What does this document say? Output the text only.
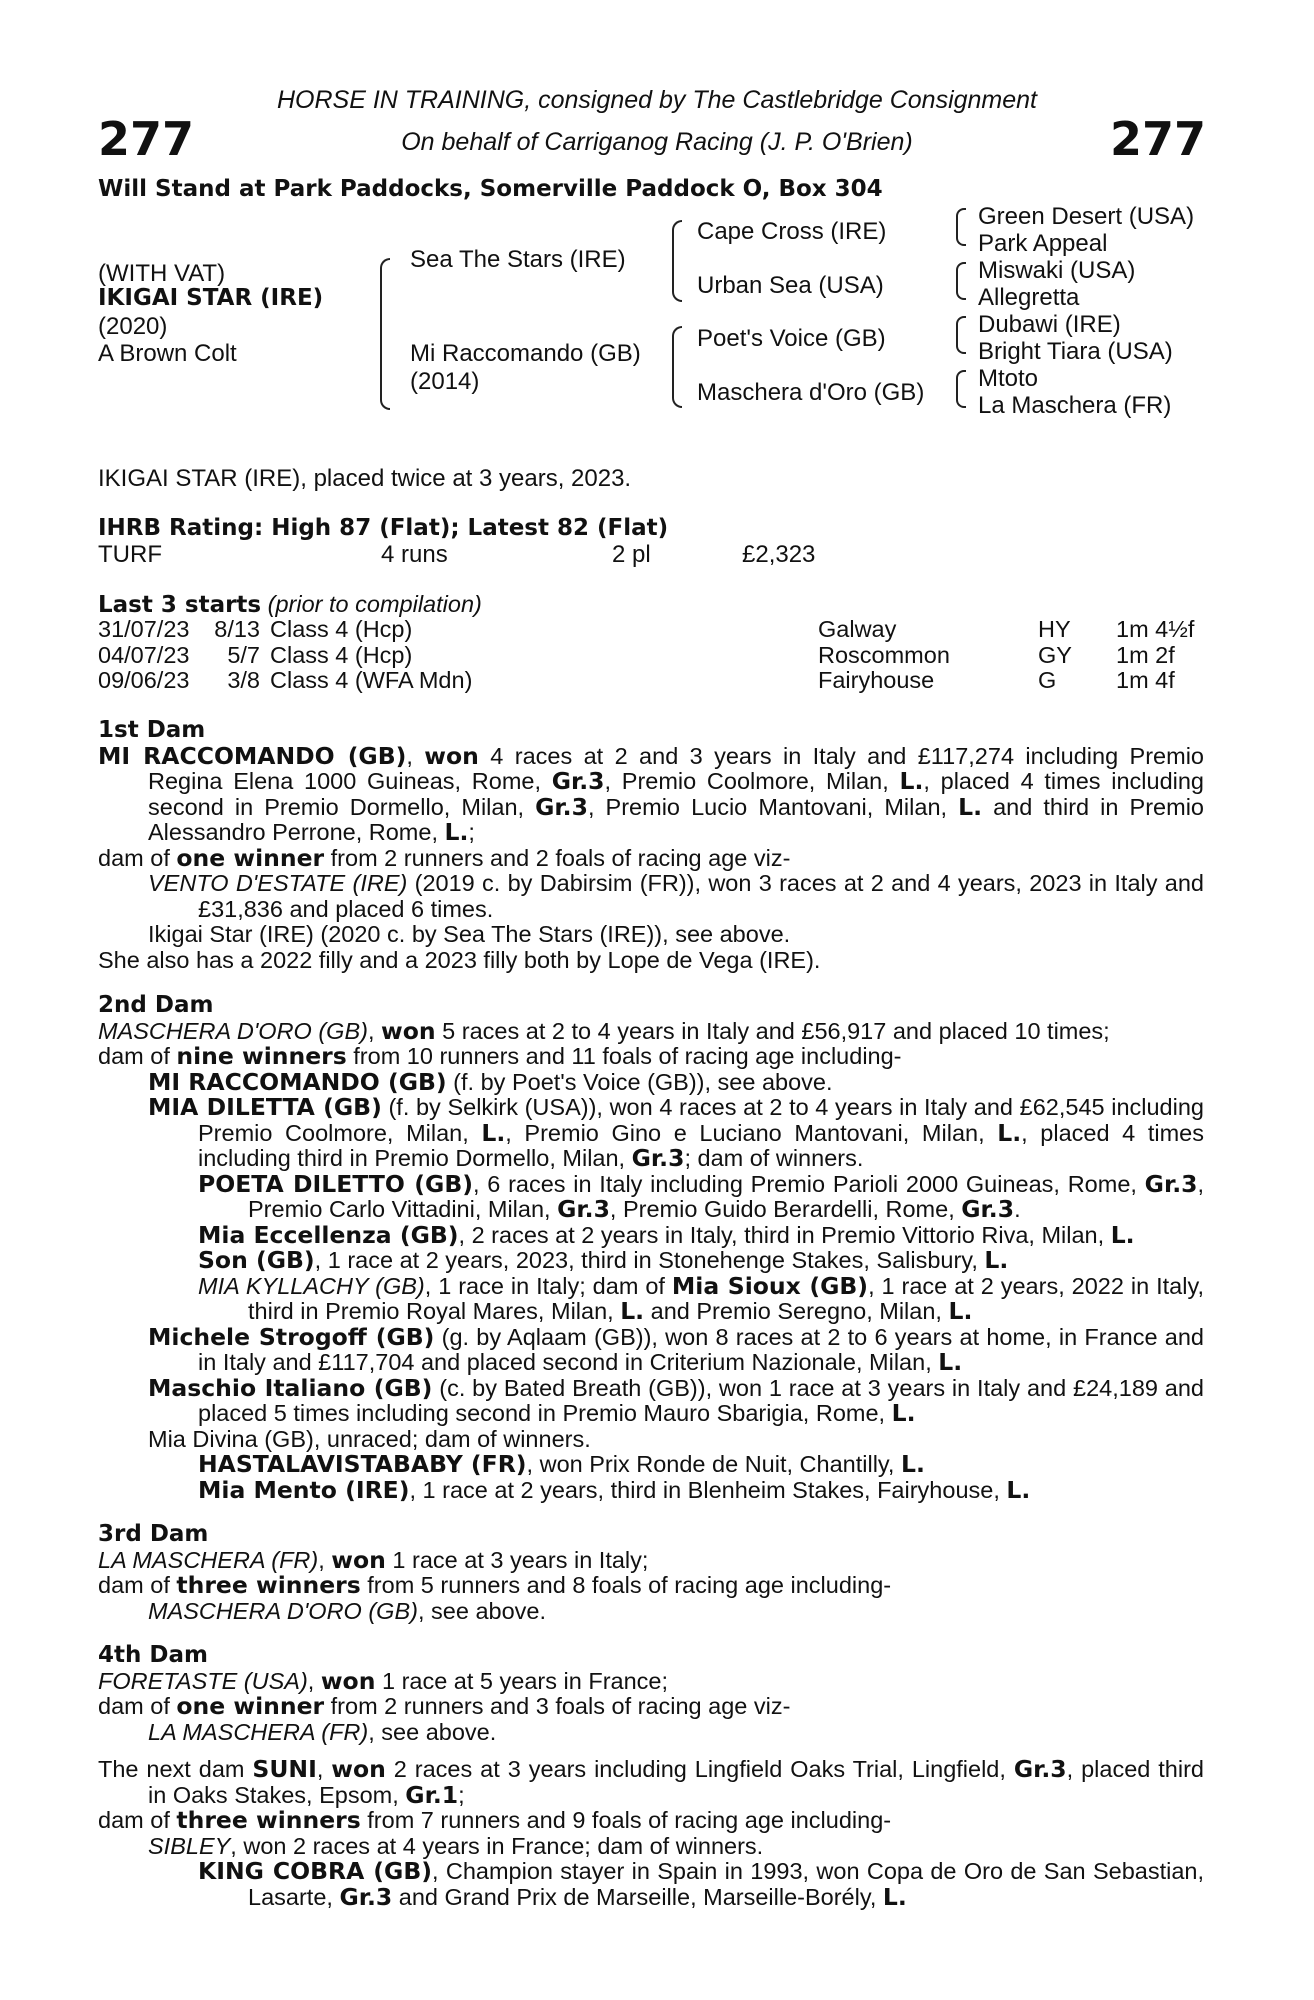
277	277
HORSE IN TRAINING, consigned by The Castlebridge Consignment
On behalf of Carriganog Racing (J. P. O'Brien)
Will Stand at Park Paddocks, Somerville Paddock O, Box 304
(WITH VAT)
IKIGAI STAR (IRE)
(2020)
A Brown Colt
Sea The Stars (IRE)
Mi Raccomando (GB)
(2014)
Cape Cross (IRE)
Urban Sea (USA)
Poet's Voice (GB)
Maschera d'Oro (GB)
Green Desert (USA)
Park Appeal
Miswaki (USA)
Allegretta
Dubawi (IRE)
Bright Tiara (USA)
Mtoto
La Maschera (FR)
IKIGAI STAR (IRE), placed twice at 3 years, 2023.
IHRB Rating: High 87 (Flat); Latest 82 (Flat)
TURF	4 runs	2 pl	£2,323
Last 3 starts (prior to compilation)
31/07/23	8/13	Class 4 (Hcp)	Galway	HY	1m 4½f
04/07/23	5/7	Class 4 (Hcp)	Roscommon	GY	1m 2f
09/06/23	3/8	Class 4 (WFA Mdn)	Fairyhouse	G	1m 4f
1st Dam

MI RACCOMANDO (GB), won 4 races at 2 and 3 years in Italy and £117,274 including Premio Regina Elena 1000 Guineas, Rome, Gr.3, Premio Coolmore, Milan, L., placed 4 times including second in Premio Dormello, Milan, Gr.3, Premio Lucio Mantovani, Milan, L. and third in Premio Alessandro Perrone, Rome, L.;

dam of one winner from 2 runners and 2 foals of racing age viz-

VENTO D'ESTATE (IRE) (2019 c. by Dabirsim (FR)), won 3 races at 2 and 4 years, 2023 in Italy and £31,836 and placed 6 times.

Ikigai Star (IRE) (2020 c. by Sea The Stars (IRE)), see above.

She also has a 2022 filly and a 2023 filly both by Lope de Vega (IRE).

2nd Dam

MASCHERA D'ORO (GB), won 5 races at 2 to 4 years in Italy and £56,917 and placed 10 times;

dam of nine winners from 10 runners and 11 foals of racing age including-

MI RACCOMANDO (GB) (f. by Poet's Voice (GB)), see above.

MIA DILETTA (GB) (f. by Selkirk (USA)), won 4 races at 2 to 4 years in Italy and £62,545 including Premio Coolmore, Milan, L., Premio Gino e Luciano Mantovani, Milan, L., placed 4 times including third in Premio Dormello, Milan, Gr.3; dam of winners.

POETA DILETTO (GB), 6 races in Italy including Premio Parioli 2000 Guineas, Rome, Gr.3, Premio Carlo Vittadini, Milan, Gr.3, Premio Guido Berardelli, Rome, Gr.3.

Mia Eccellenza (GB), 2 races at 2 years in Italy, third in Premio Vittorio Riva, Milan, L.

Son (GB), 1 race at 2 years, 2023, third in Stonehenge Stakes, Salisbury, L.

MIA KYLLACHY (GB), 1 race in Italy; dam of Mia Sioux (GB), 1 race at 2 years, 2022 in Italy, third in Premio Royal Mares, Milan, L. and Premio Seregno, Milan, L.

Michele Strogoff (GB) (g. by Aqlaam (GB)), won 8 races at 2 to 6 years at home, in France and in Italy and £117,704 and placed second in Criterium Nazionale, Milan, L.

Maschio Italiano (GB) (c. by Bated Breath (GB)), won 1 race at 3 years in Italy and £24,189 and placed 5 times including second in Premio Mauro Sbarigia, Rome, L.

Mia Divina (GB), unraced; dam of winners.

HASTALAVISTABABY (FR), won Prix Ronde de Nuit, Chantilly, L.

Mia Mento (IRE), 1 race at 2 years, third in Blenheim Stakes, Fairyhouse, L.

3rd Dam

LA MASCHERA (FR), won 1 race at 3 years in Italy;

dam of three winners from 5 runners and 8 foals of racing age including-

MASCHERA D'ORO (GB), see above.

4th Dam

FORETASTE (USA), won 1 race at 5 years in France;

dam of one winner from 2 runners and 3 foals of racing age viz-

LA MASCHERA (FR), see above.

The next dam SUNI, won 2 races at 3 years including Lingfield Oaks Trial, Lingfield, Gr.3, placed third in Oaks Stakes, Epsom, Gr.1;

dam of three winners from 7 runners and 9 foals of racing age including-

SIBLEY, won 2 races at 4 years in France; dam of winners.

KING COBRA (GB), Champion stayer in Spain in 1993, won Copa de Oro de San Sebastian, Lasarte, Gr.3 and Grand Prix de Marseille, Marseille-Borély, L.
